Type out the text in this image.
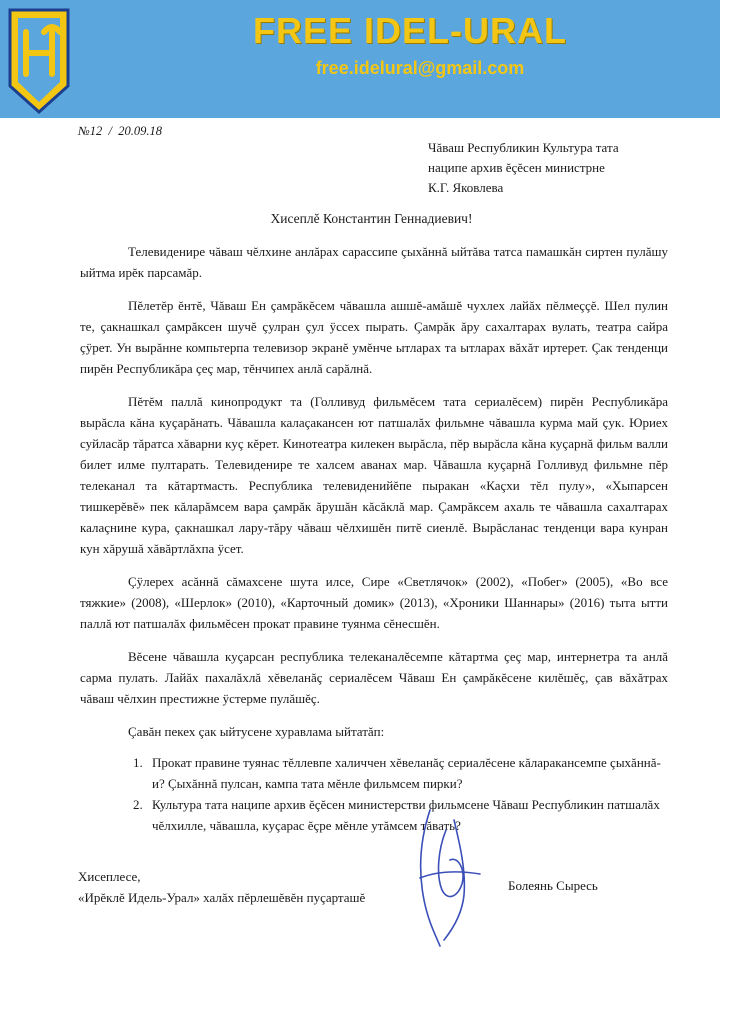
FREE IDEL-URAL
free.idelural@gmail.com
№12  /  20.09.18
Чăваш Республикин Культура тата
наципе архив ĕçĕсен министрне
К.Г. Яковлева
Хисеплĕ Константин Геннадиевич!

Телевиденире чăваш чĕлхине анлăрах сарассипе çыхăннă ыйтăва татса памашкăн сиртен пулăшу ыйтма ирĕк парсамăр.

Пĕлетĕр ĕнтĕ, Чăваш Ен çамрăкĕсем чăвашла ашшĕ-амăшĕ чухлех лайăх пĕлмеççĕ. Шел пулин те, çакнашкал çамрăксен шучĕ çулран çул ÿссех пырать. Çамрăк ăру сахалтарах вулать, театра сайра çÿрет. Ун вырăнне компьтерпа телевизор экранĕ умĕнче ытларах та ытларах вăхăт иртерет. Çак тенденци пирĕн Республикăра çеç мар, тĕнчипех анлă сарăлнă.

Пĕтĕм паллă кинопродукт та (Голливуд фильмĕсем тата сериалĕсем) пирĕн Республикăра вырăсла кăна куçарăнать. Чăвашла калаçакансен ют патшалăх фильмне чăвашла курма май çук. Юриех суйласăр тăратса хăварни куç кĕрет. Кинотеатра килекен вырăсла, пĕр вырăсла кăна куçарнă фильм валли билет илме пултарать. Телевиденире те халсем аванах мар. Чăвашла куçарнă Голливуд фильмне пĕр телеканал та кăтартмасть. Республика телевиденийĕпе пыракан «Каçхи тĕл пулу», «Хыпарсен тишкерĕвĕ» пек кăларăмсем вара çамрăк ăрушăн кăсăклă мар. Çамрăксем ахаль те чăвашла сахалтарах калаçнине кура, çакнашкал лару-тăру чăваш чĕлхишĕн питĕ сиенлĕ. Вырăсланас тенденци вара кунран кун хăрушă хăвăртлăхпа ÿсет.

Çÿлерех асăннă сăмахсене шута илсе, Сире «Светлячок» (2002), «Побег» (2005), «Во все тяжкие» (2008), «Шерлок» (2010), «Карточный домик» (2013), «Хроники Шаннары» (2016) тыта ытти паллă ют патшалăх фильмĕсен прокат правине туянма сĕнесшĕн.

Вĕсене чăвашла куçарсан республика телеканалĕсемпе кăтартма çеç мар, интернетра та анлă сарма пулать. Лайăх пахалăхлă хĕвеланăç сериалĕсем Чăваш Ен çамрăкĕсене килĕшĕç, çав вăхăтрах чăваш чĕлхин престижне ÿстерме пулăшĕç.

Çавăн пекех çак ыйтусене хуравлама ыйтатăп:

1. Прокат правине туянас тĕллевпе халиччен хĕвеланăç сериалĕсене кăларакансемпе çыхăннă-и? Çыхăннă пулсан, кампа тата мĕнле фильмсем пирки?
2. Культура тата наципе архив ĕçĕсен министерстви фильмсене Чăваш Республикин патшалăх чĕлхилле, чăвашла, куçарас ĕçре мĕнле утăмсем тăвать?
Хисеплесе,
«Ирĕклĕ Идель-Урал» халăх пĕрлешĕвĕн пуçарташĕ
Болеянь Сыресь
